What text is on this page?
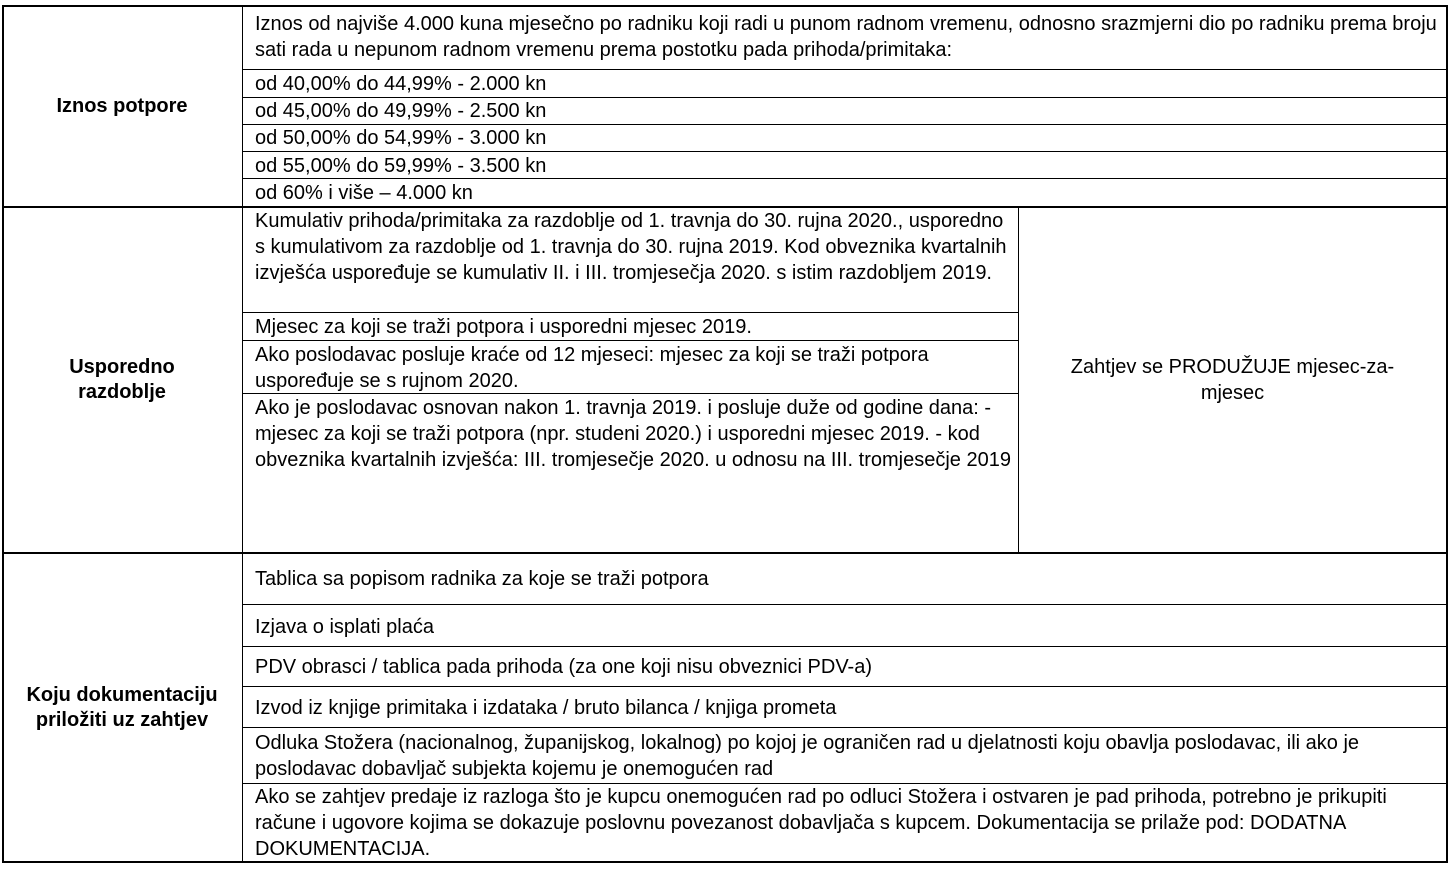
Iznos potpore
Iznos od najviše 4.000 kuna mjesečno po radniku koji radi u punom radnom vremenu, odnosno srazmjerni dio po radniku prema broju sati rada u nepunom radnom vremenu prema postotku pada prihoda/primitaka:
od 40,00% do 44,99% - 2.000 kn
od 45,00% do 49,99% - 2.500 kn
od 50,00% do 54,99% - 3.000 kn
od 55,00% do 59,99% - 3.500 kn
od 60% i više – 4.000 kn
Usporedno razdoblje
Kumulativ prihoda/primitaka za razdoblje od 1. travnja do 30. rujna 2020., usporedno s kumulativom za razdoblje od 1. travnja do 30. rujna 2019. Kod obveznika kvartalnih izvješća uspoređuje se kumulativ II. i III. tromjesečja 2020. s istim razdobljem 2019.
Mjesec za koji se traži potpora i usporedni mjesec 2019.
Ako poslodavac posluje kraće od 12 mjeseci: mjesec za koji se traži potpora uspoređuje se s rujnom 2020.
Ako je poslodavac osnovan nakon 1. travnja 2019. i posluje duže od godine dana: - mjesec za koji se traži potpora (npr. studeni 2020.) i usporedni mjesec 2019. - kod obveznika kvartalnih izvješća: III. tromjesečje 2020. u odnosu na III. tromjesečje 2019
Zahtjev se PRODUŽUJE mjesec-za-mjesec
Koju dokumentaciju priložiti uz zahtjev
Tablica sa popisom radnika za koje se traži potpora
Izjava o isplati plaća
PDV obrasci / tablica pada prihoda (za one koji nisu obveznici PDV-a)
Izvod iz knjige primitaka i izdataka / bruto bilanca / knjiga prometa
Odluka Stožera (nacionalnog, županijskog, lokalnog) po kojoj je ograničen rad u djelatnosti koju obavlja poslodavac, ili ako je poslodavac dobavljač subjekta kojemu je onemogućen rad
Ako se zahtjev predaje iz razloga što je kupcu onemogućen rad po odluci Stožera i ostvaren je pad prihoda, potrebno je prikupiti račune i ugovore kojima se dokazuje poslovnu povezanost dobavljača s kupcem. Dokumentacija se prilaže pod: DODATNA DOKUMENTACIJA.
